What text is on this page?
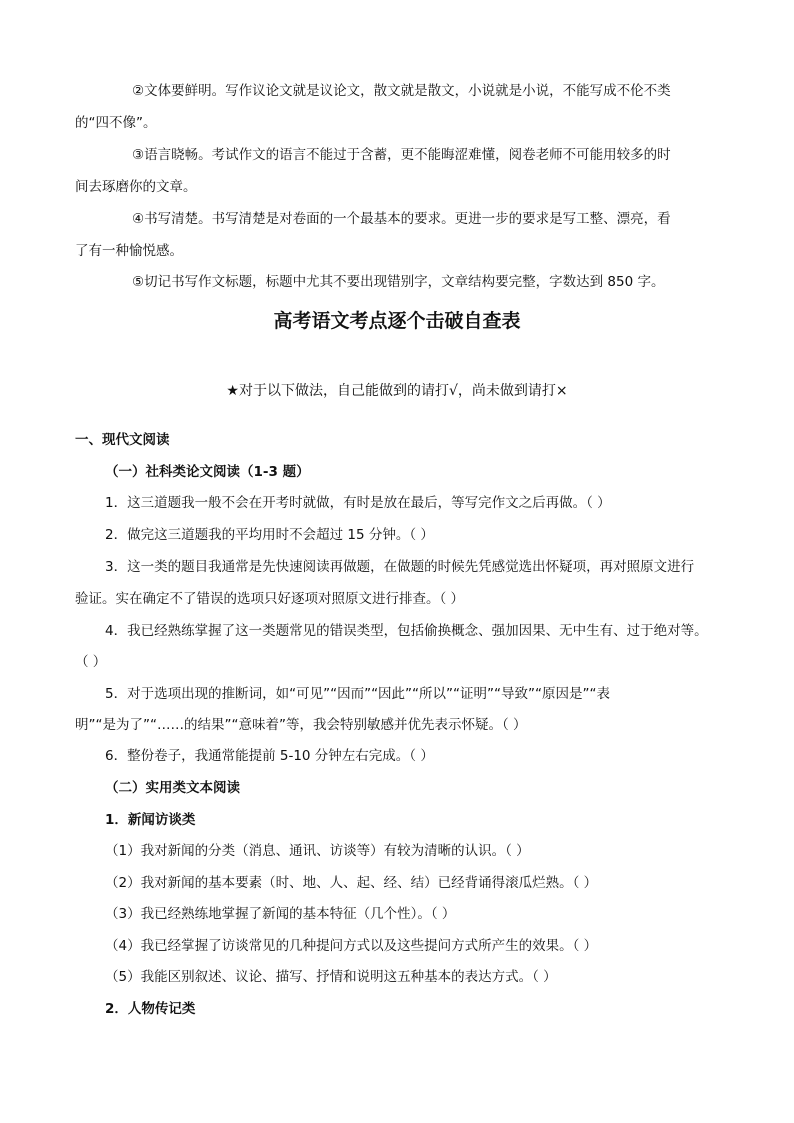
②文体要鲜明。写作议论文就是议论文，散文就是散文，小说就是小说，不能写成不伦不类
的“四不像”。
③语言晓畅。考试作文的语言不能过于含蓄，更不能晦涩难懂，阅卷老师不可能用较多的时
间去琢磨你的文章。
④书写清楚。书写清楚是对卷面的一个最基本的要求。更进一步的要求是写工整、漂亮，看
了有一种愉悦感。
⑤切记书写作文标题，标题中尤其不要出现错别字，文章结构要完整，字数达到 850 字。
高考语文考点逐个击破自查表
★对于以下做法，自己能做到的请打√，尚未做到请打×
一、现代文阅读
（一）社科类论文阅读（1-3 题）
1．这三道题我一般不会在开考时就做，有时是放在最后，等写完作文之后再做。（ ）
2．做完这三道题我的平均用时不会超过 15 分钟。（ ）
3．这一类的题目我通常是先快速阅读再做题，在做题的时候先凭感觉选出怀疑项，再对照原文进行
验证。实在确定不了错误的选项只好逐项对照原文进行排查。（ ）
4．我已经熟练掌握了这一类题常见的错误类型，包括偷换概念、强加因果、无中生有、过于绝对等。
（ ）
5．对于选项出现的推断词，如“可见”“因而”“因此”“所以”“证明”“导致”“原因是”“表
明”“是为了”“……的结果”“意味着”等，我会特别敏感并优先表示怀疑。（ ）
6．整份卷子，我通常能提前 5-10 分钟左右完成。（ ）
（二）实用类文本阅读
1．新闻访谈类
（1）我对新闻的分类（消息、通讯、访谈等）有较为清晰的认识。（ ）
（2）我对新闻的基本要素（时、地、人、起、经、结）已经背诵得滚瓜烂熟。（ ）
（3）我已经熟练地掌握了新闻的基本特征（几个性）。（ ）
（4）我已经掌握了访谈常见的几种提问方式以及这些提问方式所产生的效果。（ ）
（5）我能区别叙述、议论、描写、抒情和说明这五种基本的表达方式。（ ）
2．人物传记类
